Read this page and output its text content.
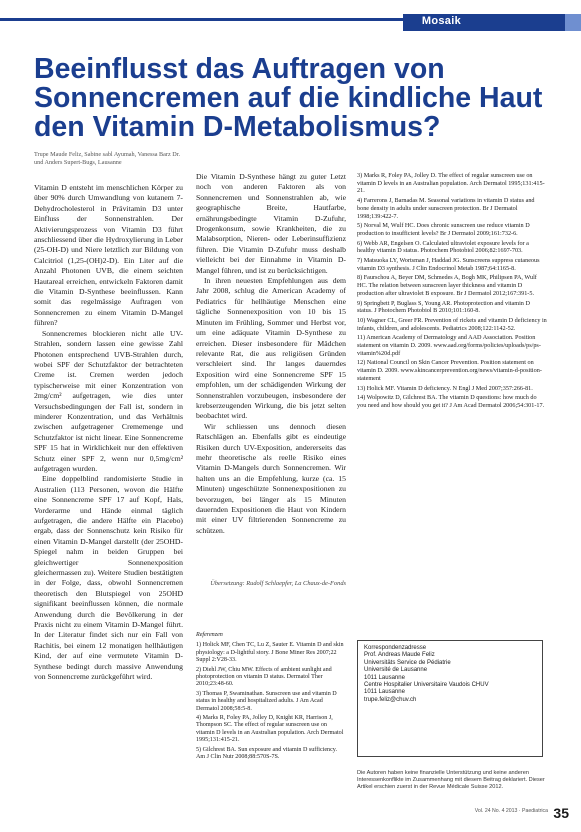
Mosaik
Beeinflusst das Auftragen von Sonnencremen auf die kindliche Haut den Vitamin D-Metabolismus?
Trupe Maude Feliz, Sabine sabl Ayumah, Vanessa Barz Dr. und Anders Supert-Bugs, Lausanne

Vitamin D entsteht im menschlichen Körper zu über 90% durch Umwandlung von kutanem 7-Dehydrocholesterol in Prävitamin D3 unter Einfluss der Sonnenstrahlen. Der Aktivierungsprozess von Vitamin D3 führt anschliessend über die Hydroxylierung in Leber (25-OH-D) und Niere letztlich zur Bildung von Calcitriol (1,25-(OH)2-D). Ein Liter auf die Anzahl Photonen UVB, die einem seichten Hautareal erreichen, entwickeln Faktoren damit die Vitamin D-Synthese beeinflussen. Kann somit das regelmässige Auftragen von Sonnencremen zu einem Vitamin D-Mangel führen?

Sonnencremes blockieren nicht alle UV-Strahlen, sondern lassen eine gewisse Zahl Photonen entsprechend UVB-Strahlen durch, wobei SPF der Schutzfaktor der betrachteten Creme ist. Cremen werden jedoch typischerweise mit einer Konzentration von 2mg/cm² aufgetragen, wie dies unter Versuchsbedingungen der Fall ist, sondern in minderer Konzentration, und das Verhältnis zwischen aufgetragener Crememenge und Schutzfaktor ist nicht linear. Eine Sonnencreme SPF 15 hat in Wirklichkeit nur den effektiven Schutz einer SPF 2, wenn nur 0,5mg/cm² aufgetragen wurden.

Eine doppelblind randomisierte Studie in Australien (113 Personen, wovon die Hälfte eine Sonnencreme SPF 17 auf Kopf, Hals, Vorderarme und Hände einmal täglich aufgetragen, die andere Hälfte ein Placebo) ergab, dass der Sonnenschutz kein Risiko für einen Vitamin D-Mangel darstellt (der 25OHD-Spiegel nahm in beiden Gruppen bei gleichwertiger Sonnenexposition gleichermassen zu). Weitere Studien bestätigten in der Folge, dass, obwohl Sonnencremen theoretisch den Blutspiegel von 25OHD signifikant beeinflussen können, die normale Anwendung durch die Bevölkerung in der Praxis nicht zu einem Vitamin D-Mangel führt. In der Literatur findet sich nur ein Fall von Rachitis, bei einem 12 monatigen hellhäutigen Kind, der auf eine vermutete Vitamin D-Synthese bedingt durch massive Anwendung von Sonnencreme zurückgeführt wird.

Die Vitamin D-Synthese hängt zu guter Letzt noch von anderen Faktoren als von Sonnencremen und Sonnenstrahlen ab, wie geographische Breite, Hautfarbe, ernährungsbedingte Vitamin D-Zufuhr, Drogenkonsum, sowie Krankheiten, die zu Malabsorption, Nieren- oder Leberinsuffizienz führen. Die Vitamin D-Zufuhr muss deshalb vielleicht bei der Einnahme in Vitamin D-Mangel führen, und ist zu berücksichtigen.

In ihren neuesten Empfehlungen aus dem Jahr 2008, schlug die American Academy of Pediatrics für hellhäutige Menschen eine tägliche Sonnenexposition von 10 bis 15 Minuten im Frühling, Sommer und Herbst vor, um eine adäquate Vitamin D-Synthese zu erreichen. Dieser insbesondere für Mädchen relevante Rat, die aus religiösen Gründen verschleiert sind. Ihr langes dauerndes Exposition wird eine Sonnencreme SPF 15 empfohlen, um der schädigenden Wirkung der Sonnenstrahlen vorzubeugen, insbesondere der krebserzeugenden Wirkung, die bis jetzt selten beobachtet wird.

Wir schliessen uns dennoch diesen Ratschlägen an. Ebenfalls gibt es eindeutige Risiken durch UV-Exposition, andererseits das mehr theoretische als reelle Risiko eines Vitamin D-Mangels durch Sonnencremen. Wir halten uns an die Empfehlung, kurze (ca. 15 Minuten) ungeschützte Sonnenexpositionen zu bevorzugen, bei länger als 15 Minuten dauernden Expositionen die Haut von Kindern mit einer UV filtrierenden Sonnencreme zu schützen.

Übersetzung: Rudolf Schlaepfer, La Chaux-de-Fonds
Referenzen
1) Holick MF, Chen TC, Lu Z, Sauter E. Vitamin D and skin physiology: a D-lightful story. J Bone Miner Res 2007;22 Suppl 2:V28-33.
2) Diehl JW, Chiu MW. Effects of ambient sunlight and photoprotection on vitamin D status. Dermatol Ther 2010;23:48-60.
3) Thomas P, Swaminathan. Sunscreen use and vitamin D status in healthy and hospitalized adults. J Am Acad Dermatol 2008;58:5-8.
4) Marks R, Foley PA, Jolley D, Knight KR, Harrison J, Thompson SC. The effect of regular sunscreen use on vitamin D levels in an Australian population. Arch Dermatol 1995;131:415-21.
5) Gilchrest BA. Sun exposure and vitamin D sufficiency. Am J Clin Nutr 2008;88:570S-7S.
3) Marks R, Foley PA, Jolley D. The effect of regular sunscreen use on vitamin D levels in an Australian population. Arch Dermatol 1995;131:415-21.
4) Farrerons J, Barnadas M. Seasonal variations in vitamin D status and bone density in adults under sunscreen protection. Br J Dermatol 1998;139:422-7.
5) Norval M, Wulf HC. Does chronic sunscreen use reduce vitamin D production to insufficient levels? Br J Dermatol 2009;161:732-6.
6) Webb AR, Engelsen O. Calculated ultraviolet exposure levels for a healthy vitamin D status. Photochem Photobiol 2006;82:1697-703.
7) Matsuoka LY, Wortsman J, Haddad JG. Sunscreens suppress cutaneous vitamin D3 synthesis. J Clin Endocrinol Metab 1987;64:1165-8.
8) Faurschou A, Beyer DM, Schmedes A, Bogh MK, Philipsen PA, Wulf HC. The relation between sunscreen layer thickness and vitamin D production after ultraviolet B exposure. Br J Dermatol 2012;167:391-5.
9) Springbett P, Buglass S, Young AR. Photoprotection and vitamin D status. J Photochem Photobiol B 2010;101:160-8.
10) Wagner CL, Greer FR. Prevention of rickets and vitamin D deficiency in infants, children, and adolescents. Pediatrics 2008;122:1142-52.
11) American Academy of Dermatology and AAD Association. Position statement on vitamin D. 2009. www.aad.org/forms/policies/uploads/ps/ps-vitamin%20d.pdf
12) National Council on Skin Cancer Prevention. Position statement on vitamin D. 2009. www.skincancerprevention.org/news/vitamin-d-position-statement
13) Holick MF. Vitamin D deficiency. N Engl J Med 2007;357:266-81.
14) Wolpowitz D, Gilchrest BA. The vitamin D questions: how much do you need and how should you get it? J Am Acad Dermatol 2006;54:301-17.
Korrespondenzadresse
Prof. Andreas Maude Feliz
Universitäts Service de Pédiatrie
Université de Lausanne
1011 Lausanne
Centre Hospitalier Universitaire Vaudois CHUV
1011 Lausanne
trupe.feliz@chuv.ch
Die Autoren haben keine finanzielle Unterstützung und keine anderen Interessenkonflikte im Zusammenhang mit diesem Beitrag deklariert. Dieser Artikel erschien zuerst in der Revue Médicale Suisse 2012.
Vol. 24 No. 4 2013 · Paediatrica 35
